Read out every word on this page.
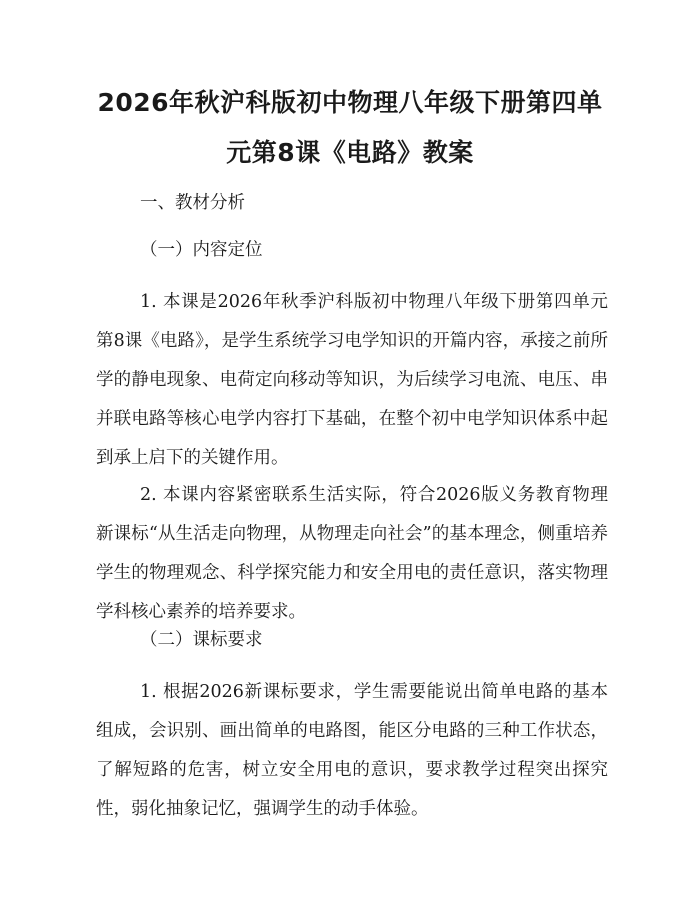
2026年秋沪科版初中物理八年级下册第四单元第8课《电路》教案
一、教材分析
（一）内容定位

1. 本课是2026年秋季沪科版初中物理八年级下册第四单元第8课《电路》，是学生系统学习电学知识的开篇内容，承接之前所学的静电现象、电荷定向移动等知识，为后续学习电流、电压、串并联电路等核心电学内容打下基础，在整个初中电学知识体系中起到承上启下的关键作用。

2. 本课内容紧密联系生活实际，符合2026版义务教育物理新课标“从生活走向物理，从物理走向社会”的基本理念，侧重培养学生的物理观念、科学探究能力和安全用电的责任意识，落实物理学科核心素养的培养要求。

（二）课标要求

1. 根据2026新课标要求，学生需要能说出简单电路的基本组成，会识别、画出简单的电路图，能区分电路的三种工作状态，了解短路的危害，树立安全用电的意识，要求教学过程突出探究性，弱化抽象记忆，强调学生的动手体验。
